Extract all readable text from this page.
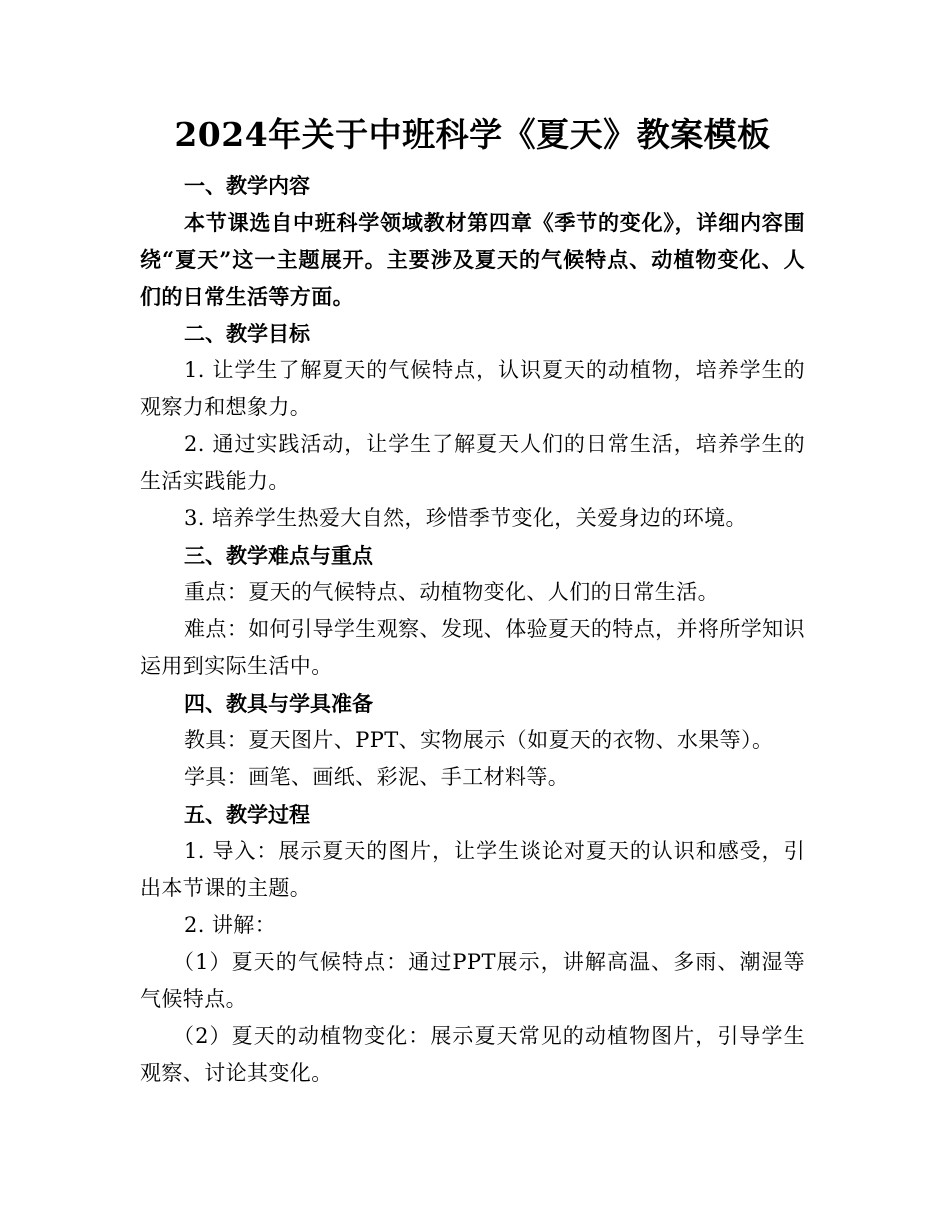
2024年关于中班科学《夏天》教案模板

一、教学内容

本节课选自中班科学领域教材第四章《季节的变化》，详细内容围绕“夏天”这一主题展开。主要涉及夏天的气候特点、动植物变化、人们的日常生活等方面。

二、教学目标

1. 让学生了解夏天的气候特点，认识夏天的动植物，培养学生的观察力和想象力。

2. 通过实践活动，让学生了解夏天人们的日常生活，培养学生的生活实践能力。

3. 培养学生热爱大自然，珍惜季节变化，关爱身边的环境。

三、教学难点与重点

重点：夏天的气候特点、动植物变化、人们的日常生活。

难点：如何引导学生观察、发现、体验夏天的特点，并将所学知识运用到实际生活中。

四、教具与学具准备

教具：夏天图片、PPT、实物展示（如夏天的衣物、水果等）。

学具：画笔、画纸、彩泥、手工材料等。

五、教学过程

1. 导入：展示夏天的图片，让学生谈论对夏天的认识和感受，引出本节课的主题。

2. 讲解：

（1）夏天的气候特点：通过PPT展示，讲解高温、多雨、潮湿等气候特点。

（2）夏天的动植物变化：展示夏天常见的动植物图片，引导学生观察、讨论其变化。
